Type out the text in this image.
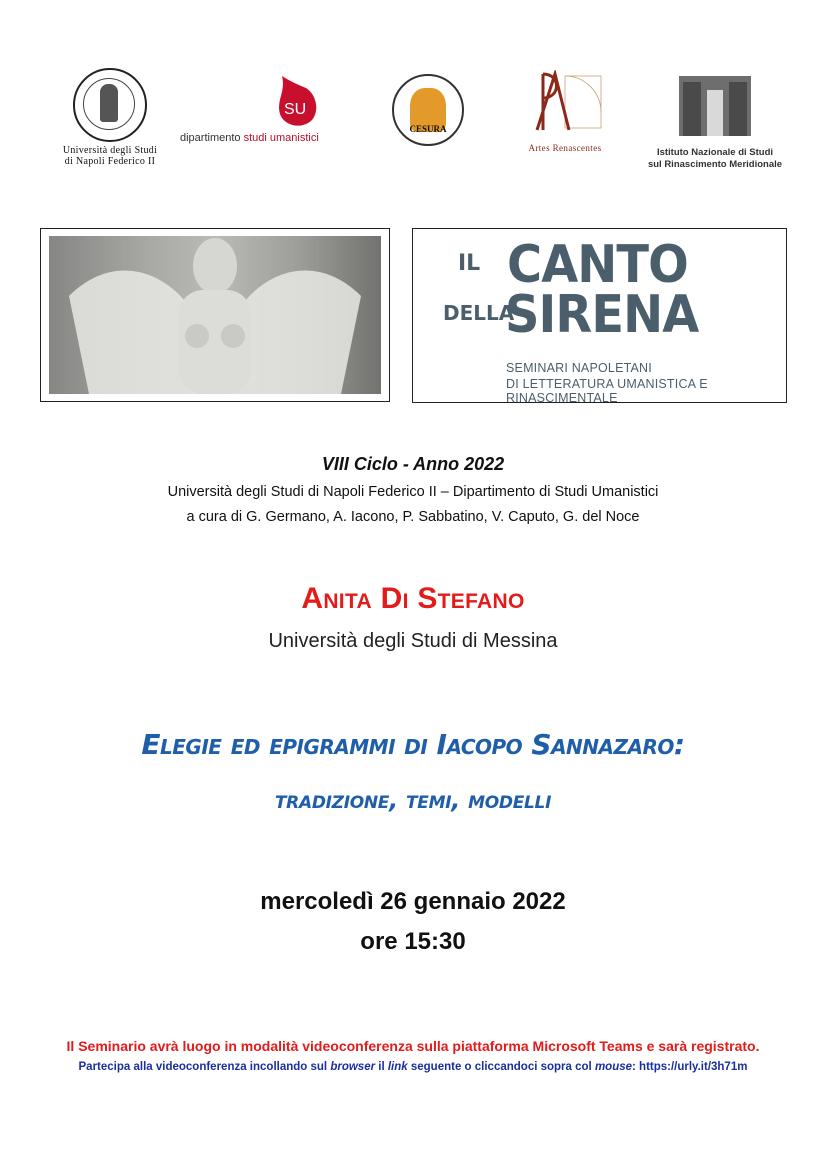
Università degli Studi
di Napoli Federico II
SU
dipartimento studi umanistici
CESURA
Artes Renascentes	Istituto Nazionale di Studi
sul Rinascimento Meridionale
IL CANTO
DELLA
SIRENA
SEMINARI NAPOLETANI
DI LETTERATURA UMANISTICA E RINASCIMENTALE
VIII Ciclo - Anno 2022
Università degli Studi di Napoli Federico II – Dipartimento di Studi Umanistici
a cura di G. Germano, A. Iacono, P. Sabbatino, V. Caputo, G. del Noce
Anita Di Stefano
Università degli Studi di Messina
Elegie ed epigrammi di Iacopo Sannazaro:
tradizione, temi, modelli
mercoledì 26 gennaio 2022
ore 15:30
Il Seminario avrà luogo in modalità videoconferenza sulla piattaforma Microsoft Teams e sarà registrato.
Partecipa alla videoconferenza incollando sul browser il link seguente o cliccandoci sopra col mouse: https://urly.it/3h71m
